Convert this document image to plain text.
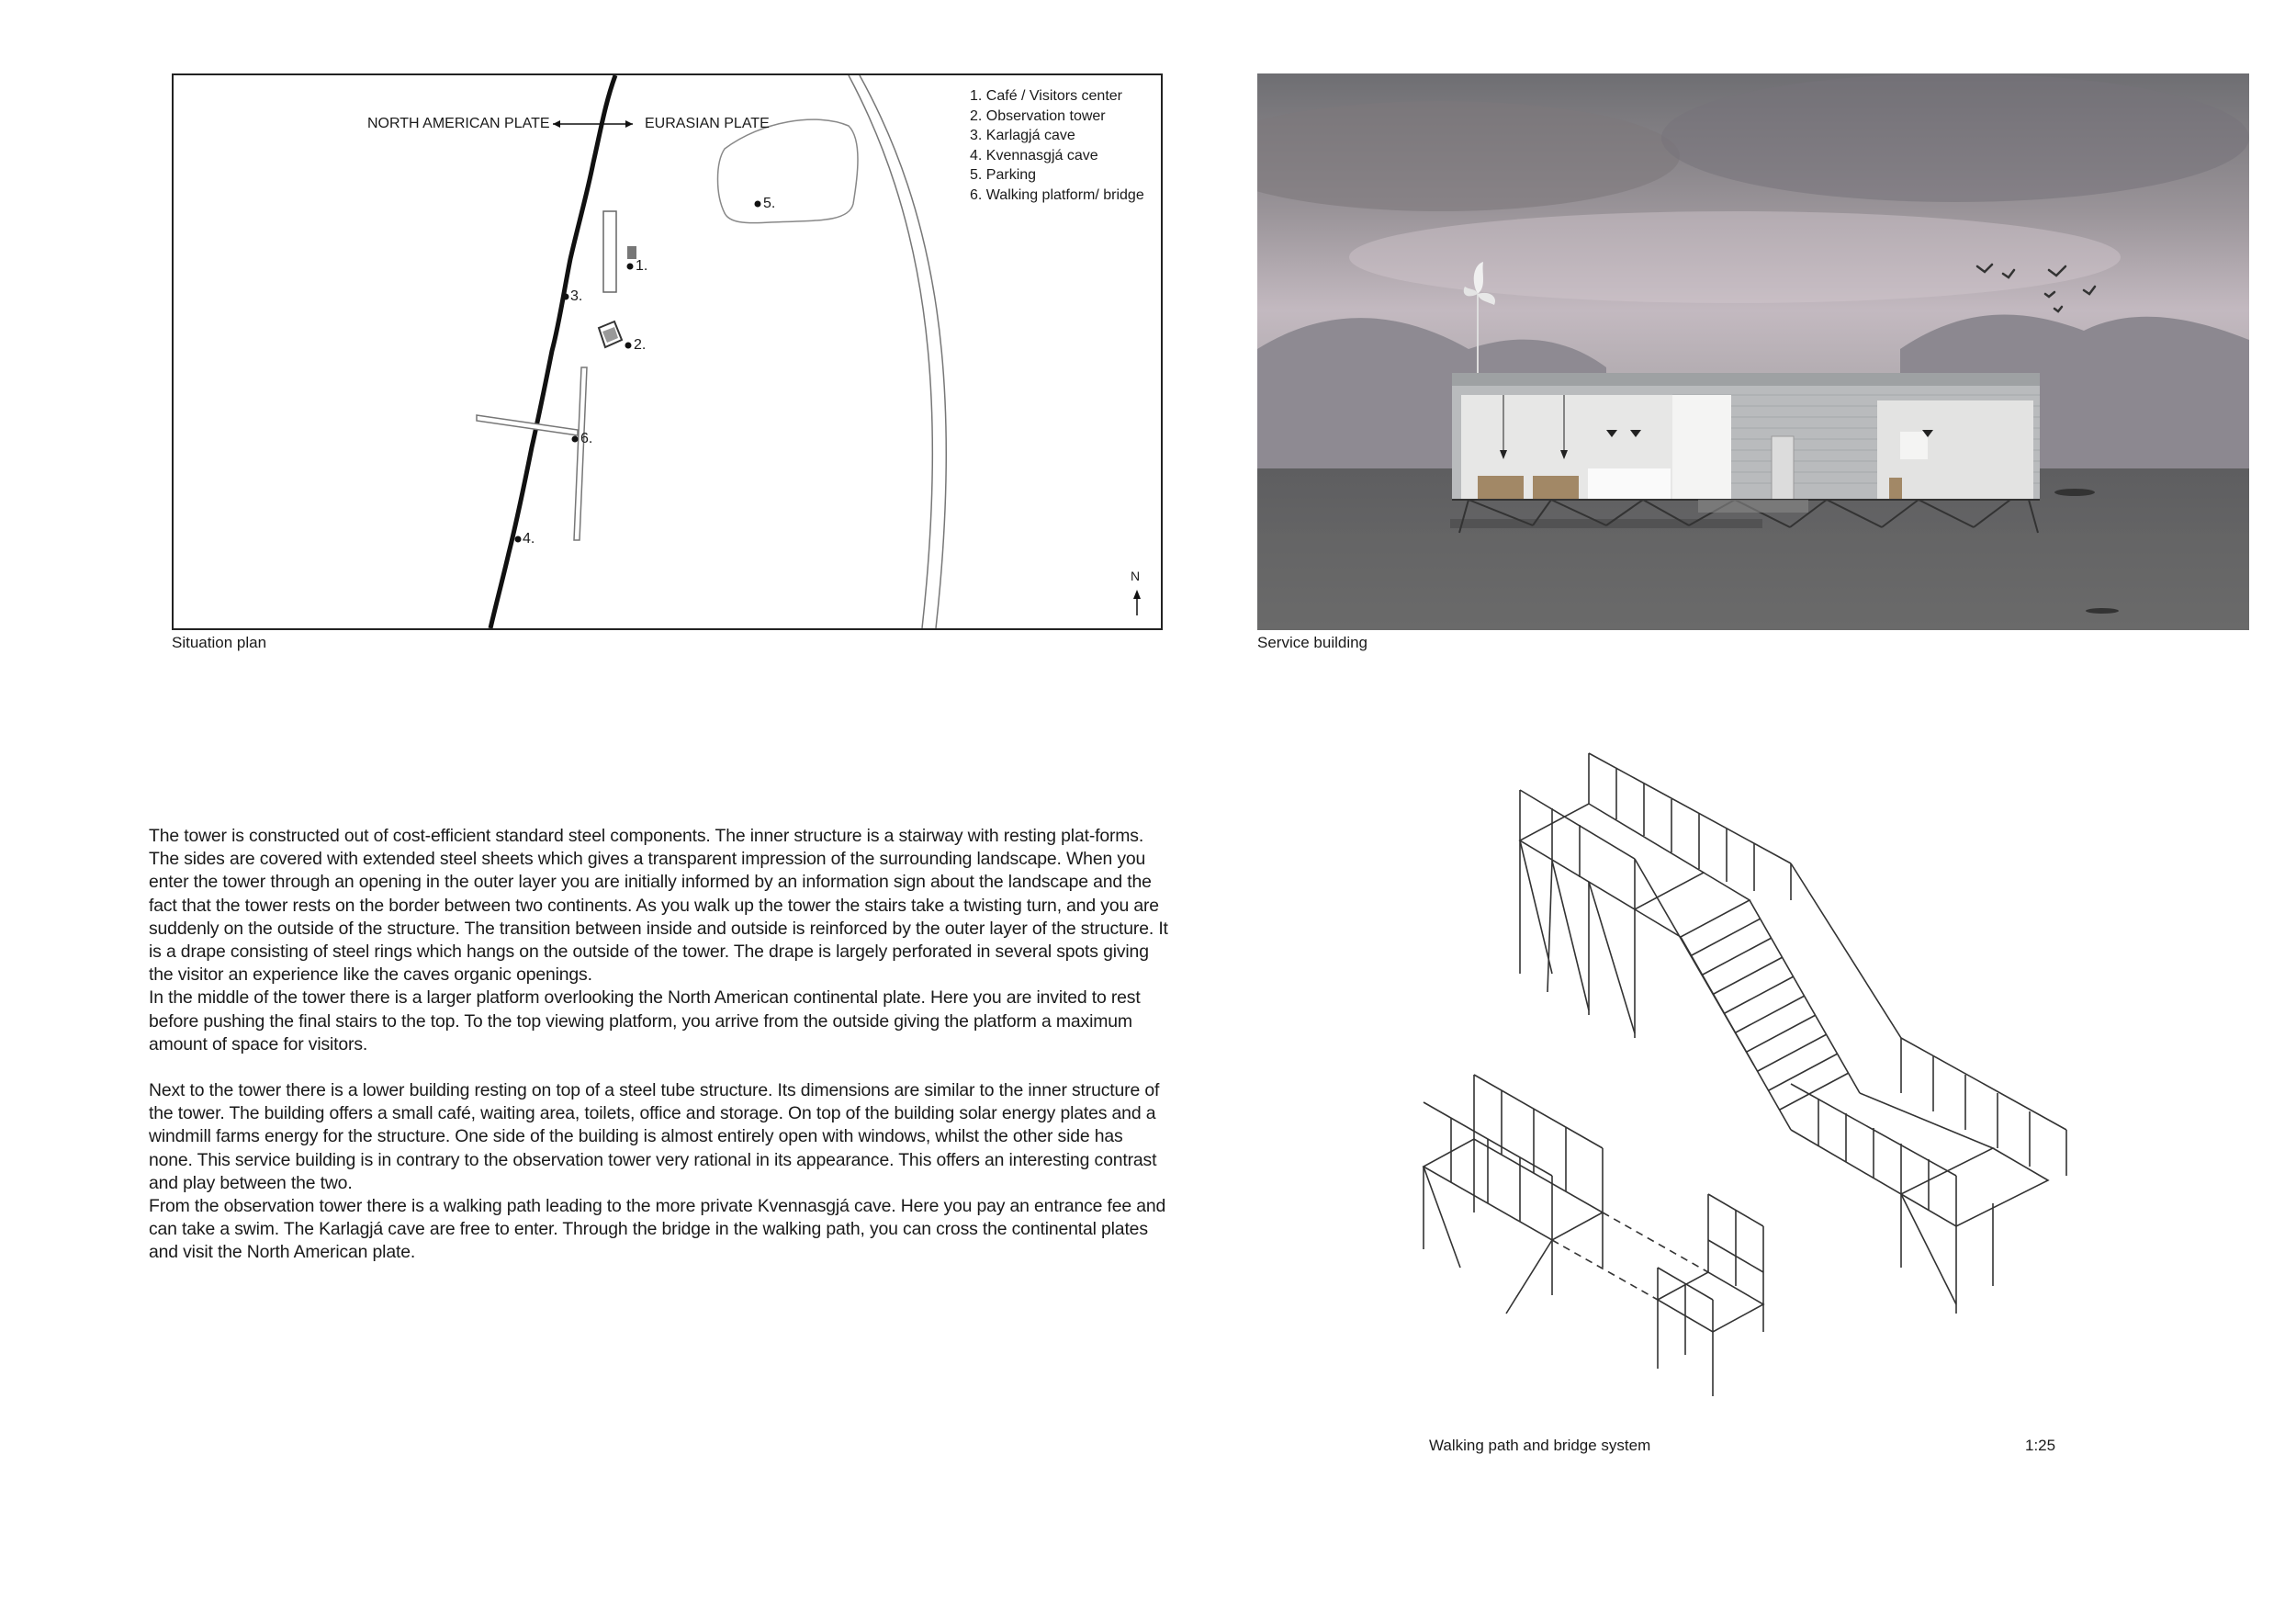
NORTH AMERICAN PLATE	EURASIAN PLATE
1.
2.
3.
4.
5.
6.
N
1. Café / Visitors center
2. Observation tower
3. Karlagjá cave
4. Kvennasgjá cave
5. Parking
6. Walking platform/ bridge
Situation plan	Service building

The tower is constructed out of cost-efficient standard steel components. The inner structure is a stairway with resting plat-forms. The sides are covered with extended steel sheets which gives a transparent impression of the surrounding landscape. When you enter the tower through an opening in the outer layer you are initially informed by an information sign about the landscape and the fact that the tower rests on the border between two continents. As you walk up the tower the stairs take a twisting turn, and you are suddenly on the outside of the structure. The transition between inside and outside is reinforced by the outer layer of the structure. It is a drape consisting of steel rings which hangs on the outside of the tower. The drape is largely perforated in several spots giving the visitor an experience like the caves organic openings.

In the middle of the tower there is a larger platform overlooking the North American continental plate. Here you are invited to rest before pushing the final stairs to the top. To the top viewing platform, you arrive from the outside giving the platform a maximum amount of space for visitors.

Next to the tower there is a lower building resting on top of a steel tube structure. Its dimensions are similar to the inner structure of the tower. The building offers a small café, waiting area, toilets, office and storage. On top of the building solar energy plates and a windmill farms energy for the structure. One side of the building is almost entirely open with windows, whilst the other side has none. This service building is in contrary to the observation tower very rational in its appearance. This offers an interesting contrast and play between the two.

From the observation tower there is a walking path leading to the more private Kvennasgjá cave. Here you pay an entrance fee and can take a swim. The Karlagjá cave are free to enter. Through the bridge in the walking path, you can cross the continental plates and visit the North American plate.

Walking path and bridge system	1:25
